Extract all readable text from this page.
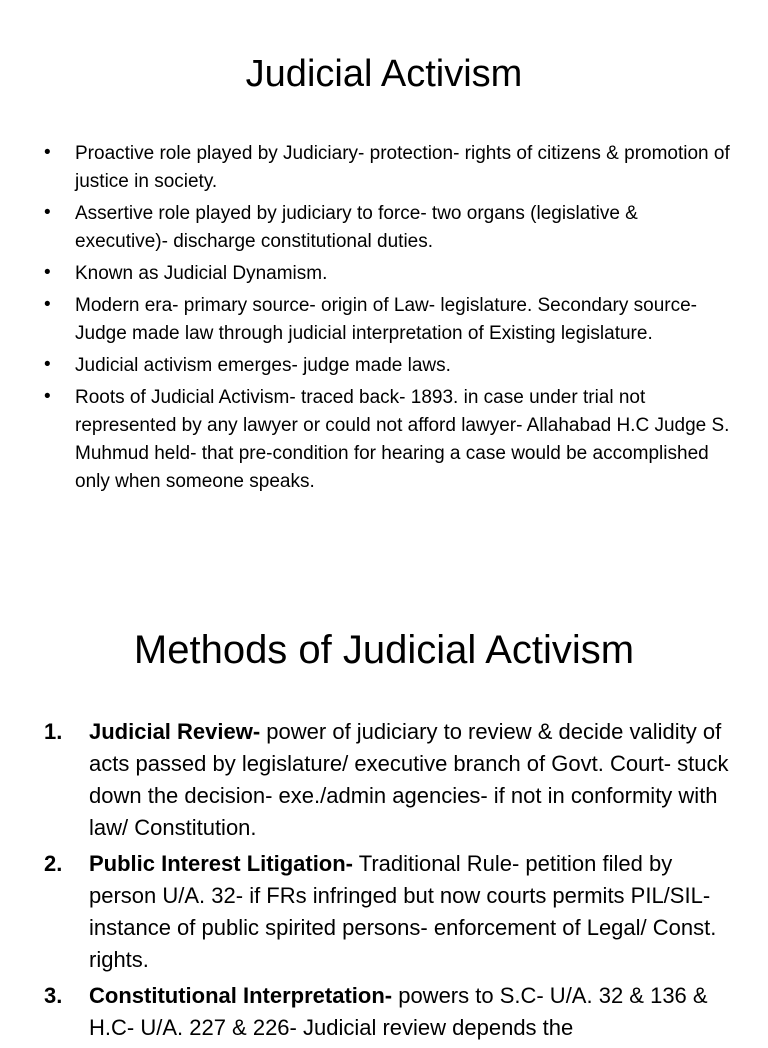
Judicial Activism
• Proactive role played by Judiciary- protection- rights of citizens & promotion of justice in society.
• Assertive role played by judiciary to force- two organs (legislative & executive)- discharge constitutional duties.
• Known as Judicial Dynamism.
• Modern era- primary source- origin of Law- legislature. Secondary source- Judge made law through judicial interpretation of Existing legislature.
• Judicial activism emerges- judge made laws.
• Roots of Judicial Activism- traced back- 1893. in case under trial not represented by any lawyer or could not afford lawyer- Allahabad H.C Judge S. Muhmud held- that pre-condition for hearing a case would be accomplished only when someone speaks.
Methods of Judicial Activism
1. Judicial Review- power of judiciary to review & decide validity of acts passed by legislature/ executive branch of Govt. Court- stuck down the decision- exe./admin agencies- if not in conformity with law/ Constitution.
2. Public Interest Litigation- Traditional Rule- petition filed by person U/A. 32- if FRs infringed but now courts permits PIL/SIL- instance of public spirited persons- enforcement of Legal/ Const. rights.
3. Constitutional Interpretation- powers to S.C- U/A. 32 & 136 & H.C- U/A. 227 & 226- Judicial review depends the
